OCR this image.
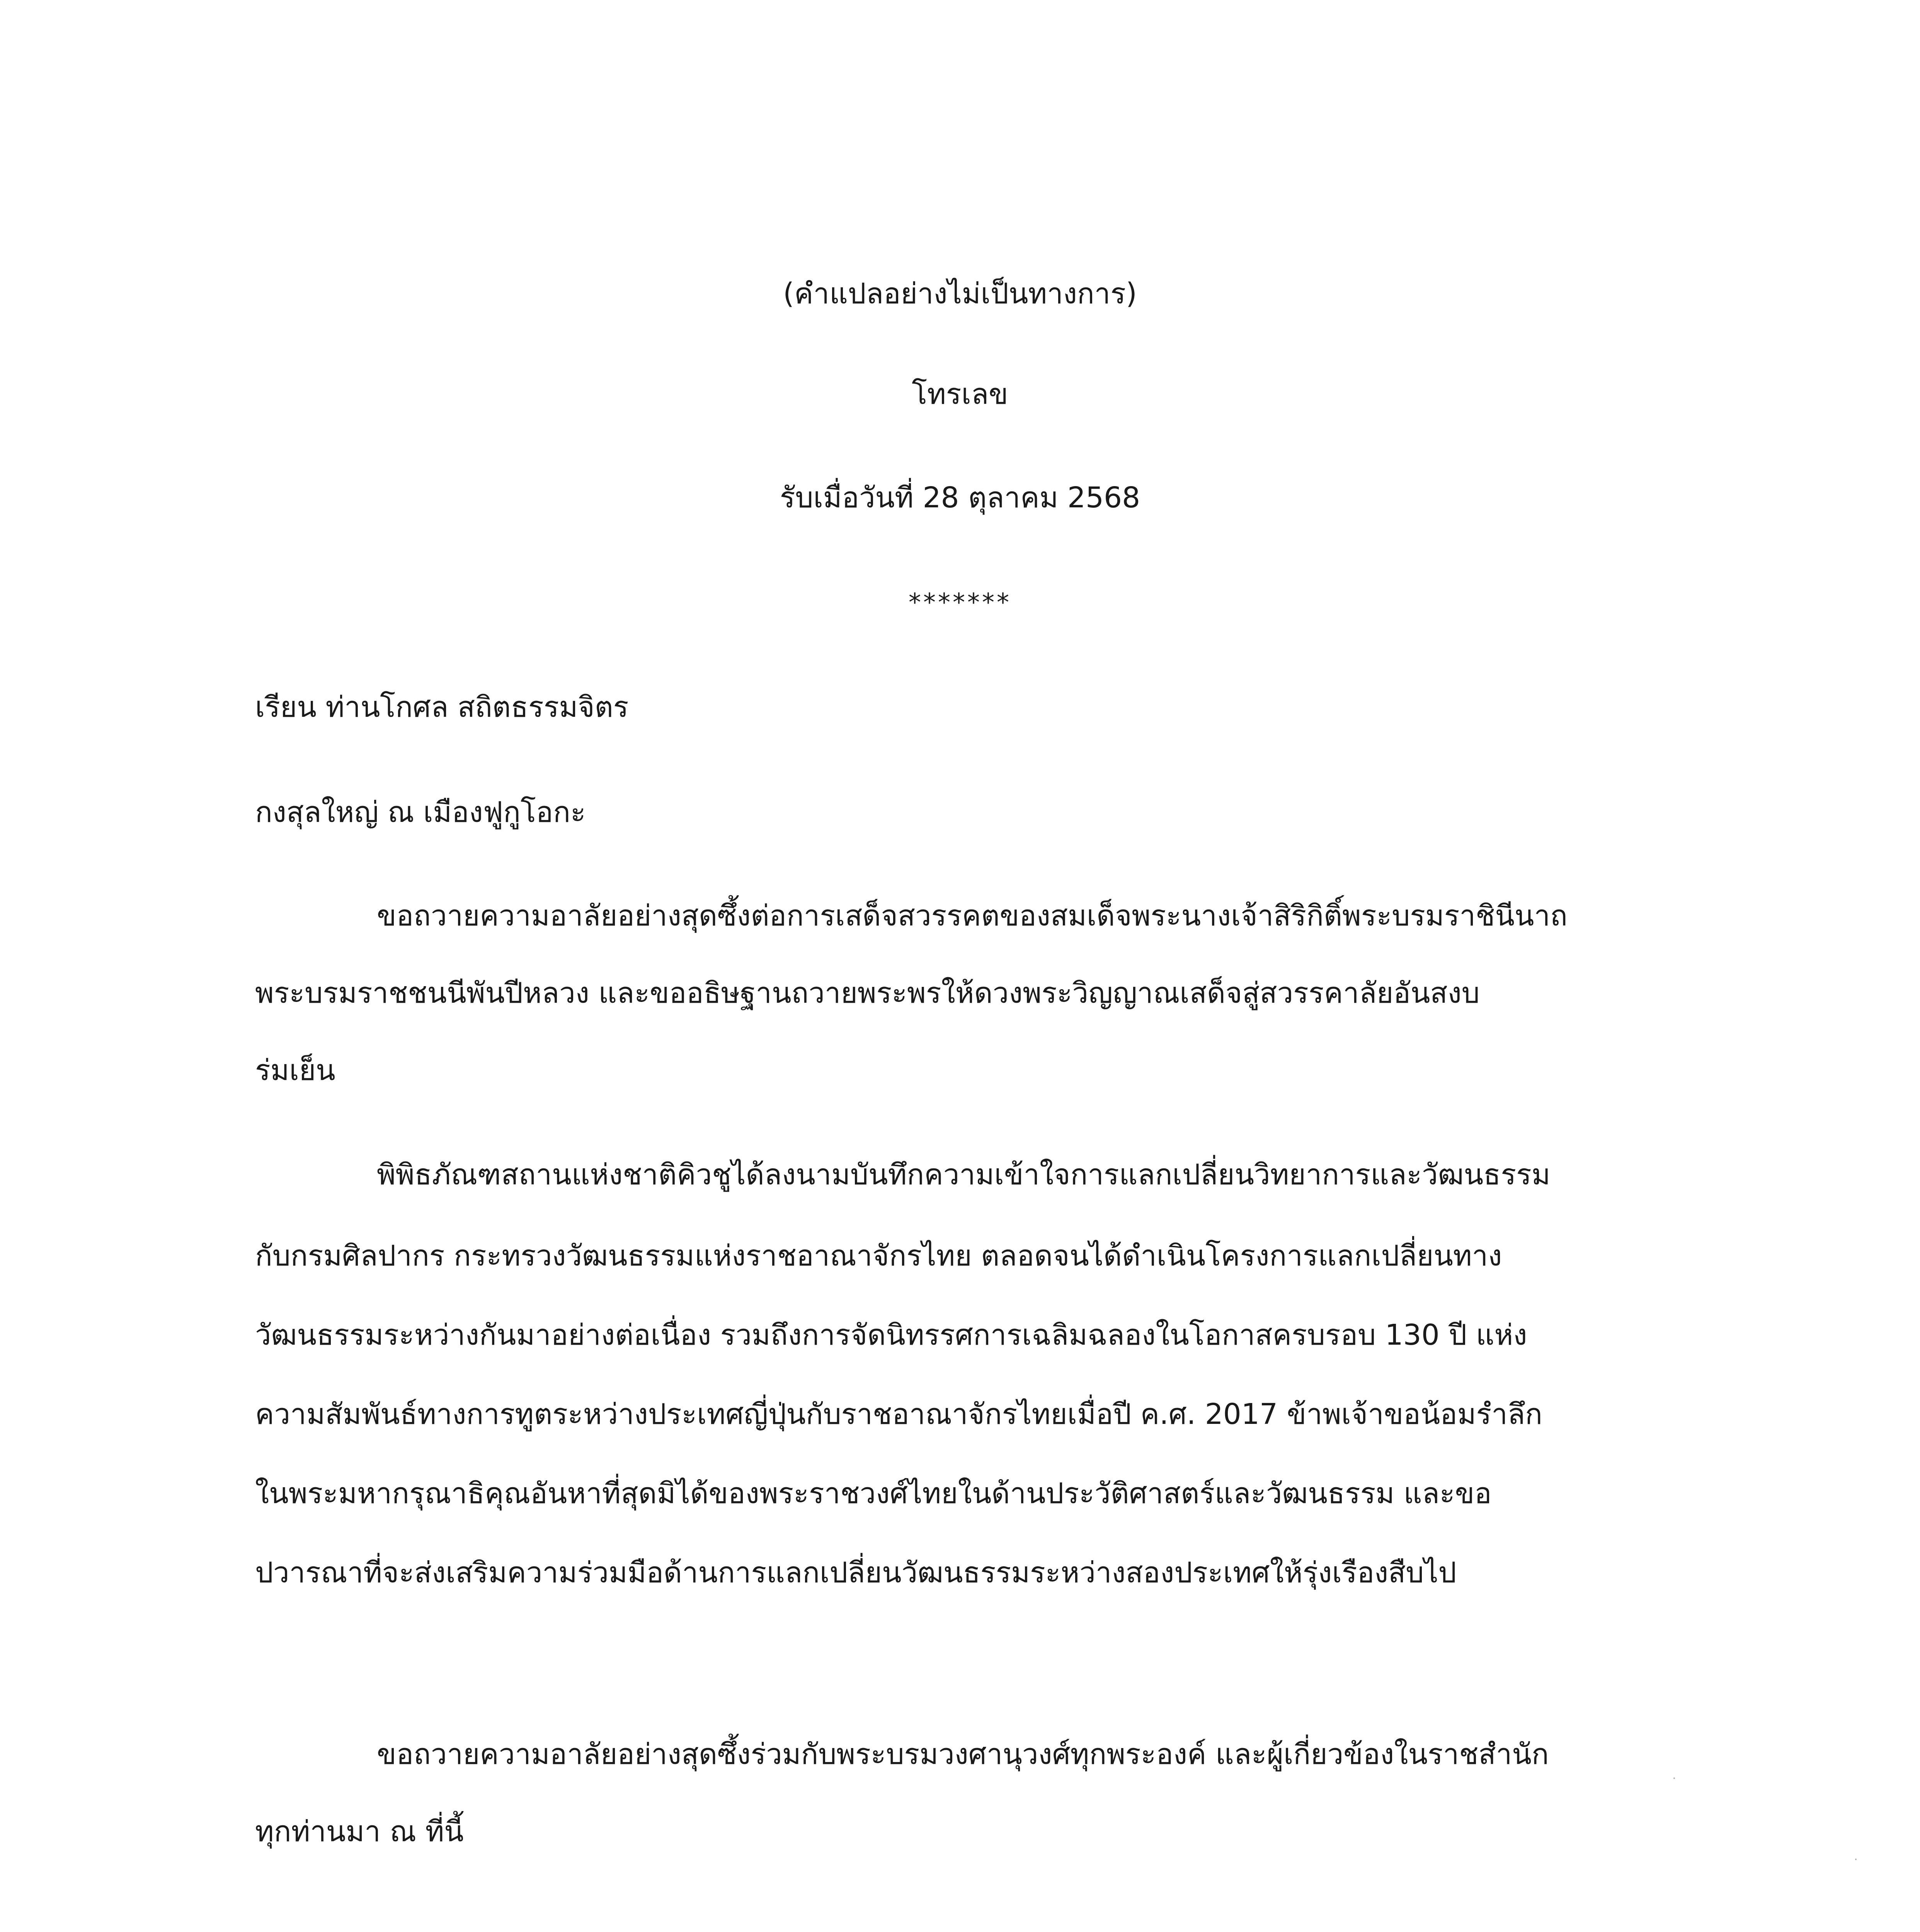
(คำแปลอย่างไม่เป็นทางการ)
โทรเลข
รับเมื่อวันที่ 28 ตุลาคม 2568
*******
เรียน ท่านโกศล สถิตธรรมจิตร
กงสุลใหญ่ ณ เมืองฟูกูโอกะ
ขอถวายความอาลัยอย่างสุดซึ้งต่อการเสด็จสวรรคตของสมเด็จพระนางเจ้าสิริกิติ์พระบรมราชินีนาถ
พระบรมราชชนนีพันปีหลวง และขออธิษฐานถวายพระพรให้ดวงพระวิญญาณเสด็จสู่สวรรคาลัยอันสงบ
ร่มเย็น
พิพิธภัณฑสถานแห่งชาติคิวชูได้ลงนามบันทึกความเข้าใจการแลกเปลี่ยนวิทยาการและวัฒนธรรม
กับกรมศิลปากร กระทรวงวัฒนธรรมแห่งราชอาณาจักรไทย ตลอดจนได้ดำเนินโครงการแลกเปลี่ยนทาง
วัฒนธรรมระหว่างกันมาอย่างต่อเนื่อง รวมถึงการจัดนิทรรศการเฉลิมฉลองในโอกาสครบรอบ 130 ปี แห่ง
ความสัมพันธ์ทางการทูตระหว่างประเทศญี่ปุ่นกับราชอาณาจักรไทยเมื่อปี ค.ศ. 2017 ข้าพเจ้าขอน้อมรำลึก
ในพระมหากรุณาธิคุณอันหาที่สุดมิได้ของพระราชวงศ์ไทยในด้านประวัติศาสตร์และวัฒนธรรม และขอ
ปวารณาที่จะส่งเสริมความร่วมมือด้านการแลกเปลี่ยนวัฒนธรรมระหว่างสองประเทศให้รุ่งเรืองสืบไป
ขอถวายความอาลัยอย่างสุดซึ้งร่วมกับพระบรมวงศานุวงศ์ทุกพระองค์ และผู้เกี่ยวข้องในราชสำนัก
ทุกท่านมา ณ ที่นี้
